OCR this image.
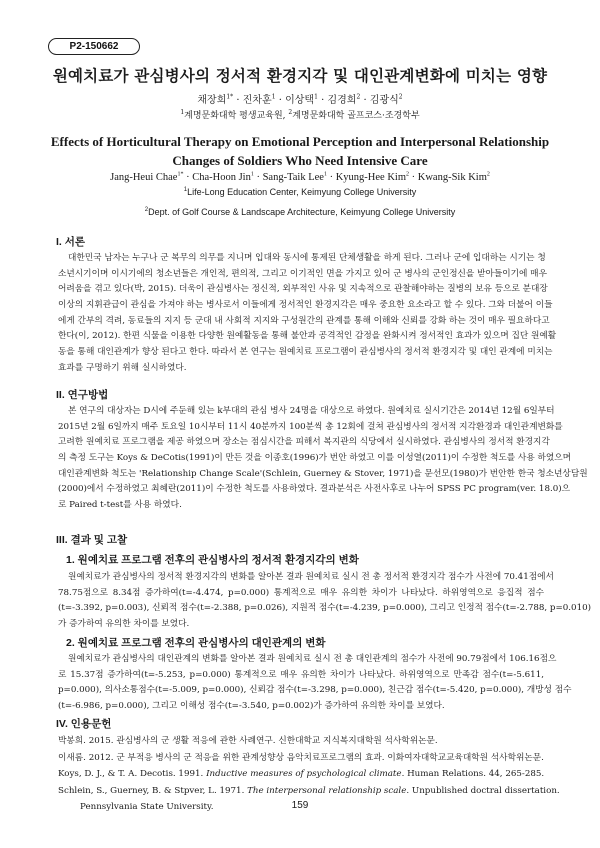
P2-150662
원예치료가 관심병사의 정서적 환경지각 및 대인관계변화에 미치는 영향
채장희$^{1*}$ · 진차훈$^1$ · 이상택$^1$ · 김경희$^2$ · 김광식$^2$
$^1$계명문화대학 평생교육원, $^2$계명문화대학 골프코스·조경학부
Effects of Horticultural Therapy on Emotional Perception and Interpersonal Relationship
Changes of Soldiers Who Need Intensive Care
Jang-Heui Chae$^{1*}$ · Cha-Hoon Jin$^1$ · Sang-Taik Lee$^1$ · Kyung-Hee Kim$^2$ · Kwang-Sik Kim$^2$
$^1$Life-Long Education Center, Keimyung College University
$^2$Dept. of Golf Course & Landscape Architecture, Keimyung College University
I. 서론
대한민국 남자는 누구나 군 복무의 의무를 지니며 입대와 동시에 통제된 단체생활을 하게 된다. 그러나 군에 입대하는 시기는 청
소년시기이며 이시기에의 청소년들은 개인적, 편의적, 그리고 이기적인 면을 가지고 있어 군 병사의 군인정신을 받아들이기에 매우
어려움을 겪고 있다(박, 2015). 더욱이 관심병사는 정신적, 외부적인 사유 및 지속적으로 관찰해야하는 질병의 보유 등으로 분대장
이상의 지휘관급이 관심을 가져야 하는 병사로서 이들에게 정서적인 환경지각은 매우 중요한 요소라고 할 수 있다. 그와 더불어 이들
에게 간부의 격려, 동료들의 지지 등 군대 내 사회적 지지와 구성원간의 관계를 통해 이해와 신뢰를 강화 하는 것이 매우 필요하다고
한다(이, 2012). 한편 식물을 이용한 다양한 원예활동을 통해 불안과 공격적인 감정을 완화시켜 정서적인 효과가 있으며 집단 원예활
동을 통해 대인관계가 향상 된다고 한다. 따라서 본 연구는 원예치료 프로그램이 관심병사의 정서적 환경지각 및 대인 관계에 미치는
효과를 구명하기 위해 실시하였다.
II. 연구방법
본 연구의 대상자는 D시에 주둔해 있는 k부대의 관심 병사 24명을 대상으로 하였다. 원예치료 실시기간은 2014년 12월 6일부터
2015년 2월 6일까지 매주 토요일 10시부터 11시 40분까지 100분씩 총 12회에 걸쳐 관심병사의 정서적 지각환경과 대인관계변화를
고려한 원예치료 프로그램을 제공 하였으며 장소는 점심시간을 피해서 복지관의 식당에서 실시하였다. 관심병사의 정서적 환경지각
의 측정 도구는 Koys & DeCotis(1991)이 만든 것을 이종호(1996)가 번안 하였고 이를 이성열(2011)이 수정한 척도를 사용 하였으며
대인관계변화 척도는 'Relationship Change Scale'(Schlein, Guerney & Stover, 1971)을 문선모(1980)가 번안한 한국 청소년상담원
(2000)에서 수정하였고 최혜란(2011)이 수정한 척도를 사용하였다. 결과분석은 사전사후로 나누어 SPSS PC program(ver. 18.0)으
로 Paired t-test를 사용 하였다.
III. 결과 및 고찰
1. 원예치료 프로그램 전후의 관심병사의 정서적 환경지각의 변화
원예치료가 관심병사의 정서적 환경지각의 변화를 알아본 결과 원예치료 실시 전 총 정서적 환경지각 점수가 사전에 70.41점에서
78.75점으로 8.34점 증가하여(t=-4.474, p=0.000) 통계적으로 매우 유의한 차이가 나타났다. 하위영역으로 응집적 점수
(t=-3.392, p=0.003), 신뢰적 점수(t=-2.388, p=0.026), 지원적 점수(t=-4.239, p=0.000), 그리고 인정적 점수(t=-2.788, p=0.010)
가 증가하여 유의한 차이를 보였다.
2. 원예치료 프로그램 전후의 관심병사의 대인관계의 변화
원예치료가 관심병사의 대인관계의 변화를 알아본 결과 원예치료 실시 전 총 대인관계의 점수가 사전에 90.79점에서 106.16점으
로 15.37점 증가하여(t=-5.253, p=0.000) 통계적으로 매우 유의한 차이가 나타났다. 하위영역으로 만족감 점수(t=-5.611,
p=0.000), 의사소통점수(t=-5.009, p=0.000), 신뢰감 점수(t=-3.298, p=0.000), 친근감 점수(t=-5.420, p=0.000), 개방성 점수
(t=-6.986, p=0.000), 그리고 이해성 점수(t=-3.540, p=0.002)가 증가하여 유의한 차이를 보였다.
IV. 인용문헌
박봉희. 2015. 관심병사의 군 생활 적응에 관한 사례연구. 신한대학교 지식복지대학원 석사학위논문.
이새롬. 2012. 군 부적응 병사의 군 적응을 위한 관계성향상 음악치료프로그램의 효과. 이화여자대학교교육대학원 석사학위논문.
Koys, D. J., & T. A. Decotis. 1991. Inductive measures of psychological climate. Human Relations. 44, 265-285.
Schlein, S., Guerney, B. & Stpver, L. 1971. The interpersonal relationship scale. Unpublished doctral dissertation.
Pennsylvania State University.	159
